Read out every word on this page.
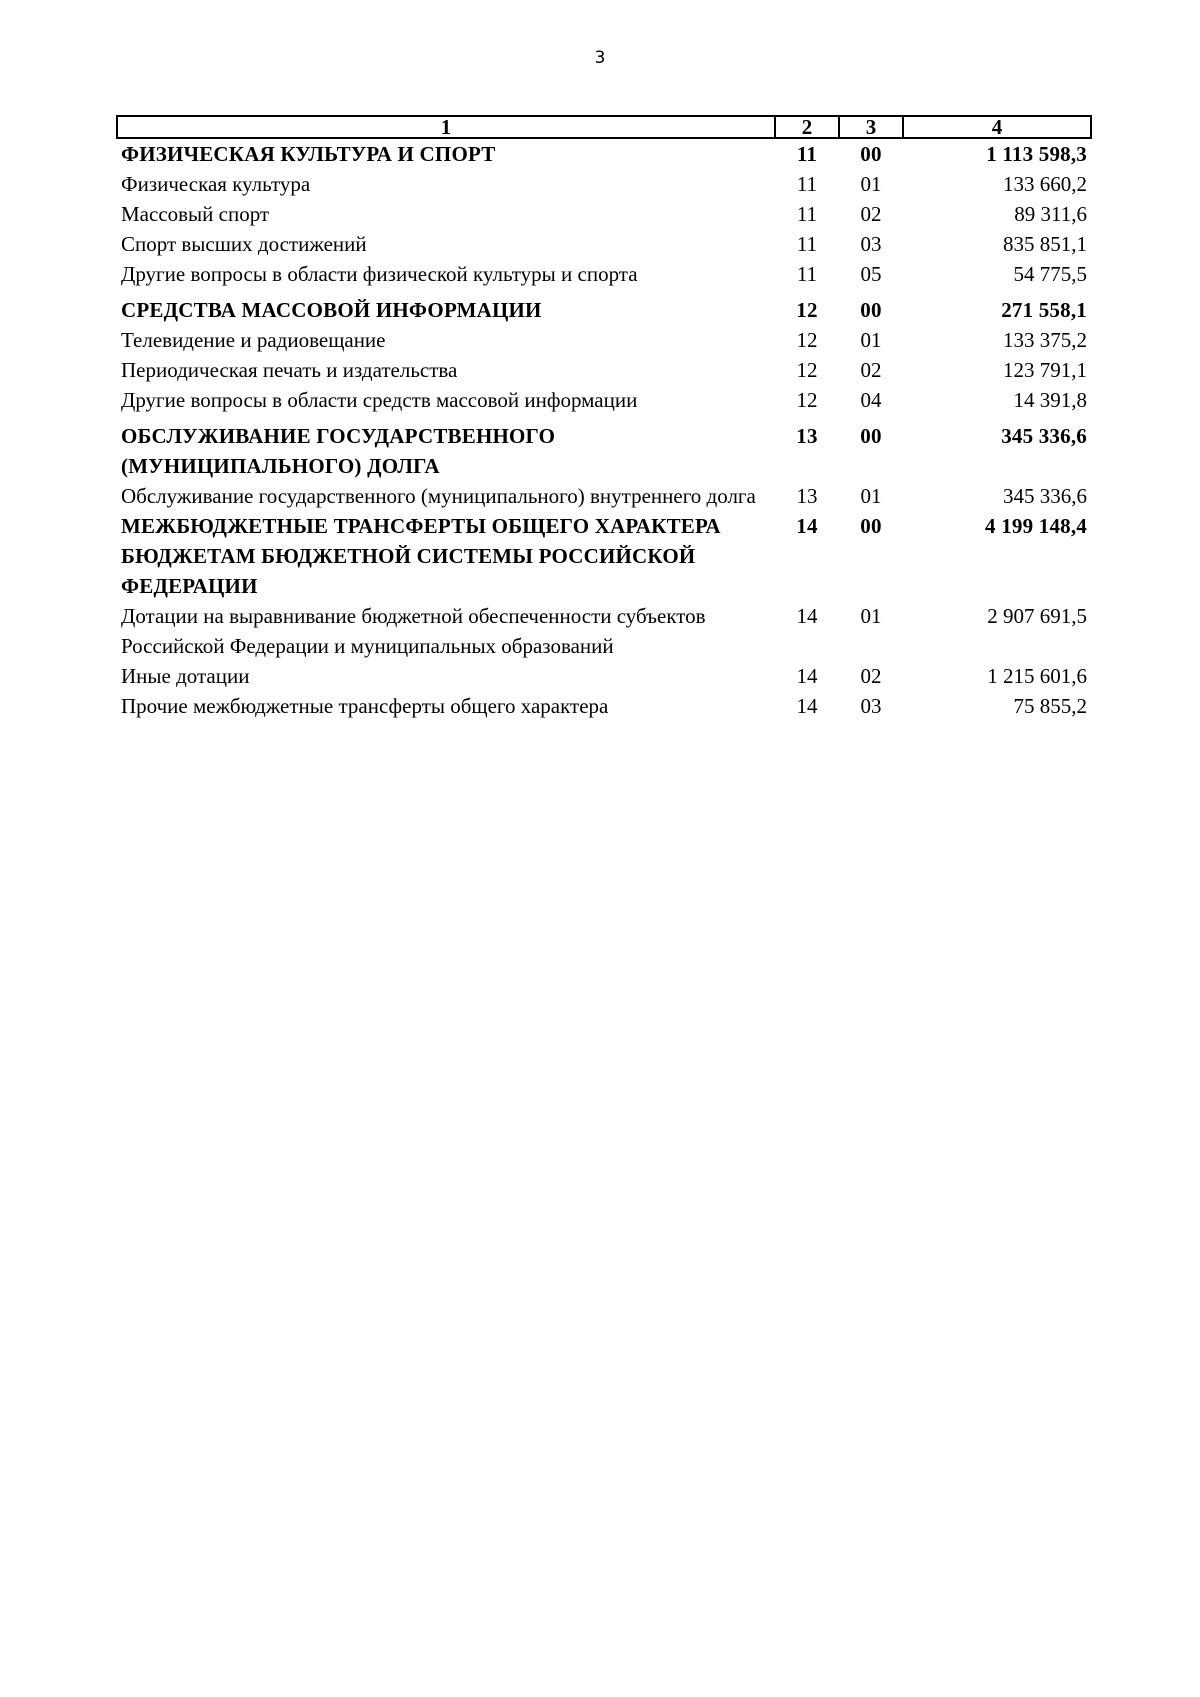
3
1	2	3	4
ФИЗИЧЕСКАЯ КУЛЬТУРА И СПОРТ	11	00	1 113 598,3
Физическая культура	11	01	133 660,2
Массовый спорт	11	02	89 311,6
Спорт высших достижений	11	03	835 851,1
Другие вопросы в области физической культуры и спорта	11	05	54 775,5
СРЕДСТВА МАССОВОЙ ИНФОРМАЦИИ	12	00	271 558,1
Телевидение и радиовещание	12	01	133 375,2
Периодическая печать и издательства	12	02	123 791,1
Другие вопросы в области средств массовой информации	12	04	14 391,8
ОБСЛУЖИВАНИЕ ГОСУДАРСТВЕННОГО (МУНИЦИПАЛЬНОГО) ДОЛГА	13	00	345 336,6
Обслуживание государственного (муниципального) внутреннего долга	13	01	345 336,6
МЕЖБЮДЖЕТНЫЕ ТРАНСФЕРТЫ ОБЩЕГО ХАРАКТЕРА БЮДЖЕТАМ БЮДЖЕТНОЙ СИСТЕМЫ РОССИЙСКОЙ ФЕДЕРАЦИИ	14	00	4 199 148,4
Дотации на выравнивание бюджетной обеспеченности субъектов Российской Федерации и муниципальных образований	14	01	2 907 691,5
Иные дотации	14	02	1 215 601,6
Прочие межбюджетные трансферты общего характера	14	03	75 855,2
